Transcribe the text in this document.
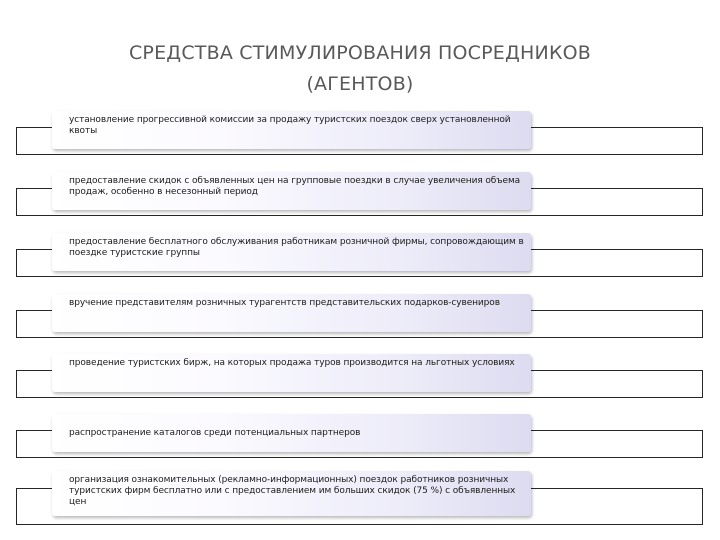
СРЕДСТВА СТИМУЛИРОВАНИЯ ПОСРЕДНИКОВ
(АГЕНТОВ)
установление прогрессивной комиссии за продажу туристских поездок сверх установленной квоты
предоставление скидок с объявленных цен на групповые поездки в случае увеличения объема продаж, особенно в несезонный период
предоставление бесплатного обслуживания работникам розничной фирмы, сопровождающим в поездке туристские группы
вручение представителям розничных турагентств представительских подарков-сувениров
проведение туристских бирж, на которых продажа туров производится на льготных условиях
распространение каталогов среди потенциальных партнеров
организация ознакомительных (рекламно-информационных) поездок работников розничных туристских фирм бесплатно или с предоставлением им больших скидок (75 %) с объявленных цен
